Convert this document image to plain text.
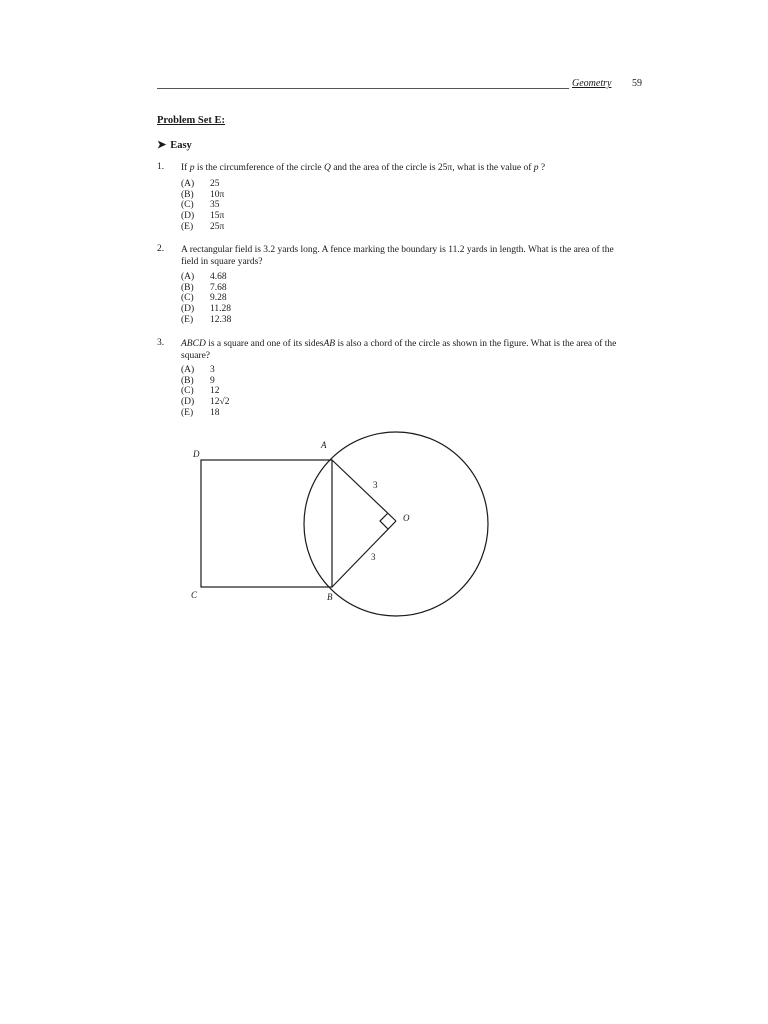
Geometry 59
Problem Set E:
➤ Easy
1. If p is the circumference of the circle Q and the area of the circle is 25π, what is the value of p ?
(A) 25
(B) 10π
(C) 35
(D) 15π
(E) 25π
2. A rectangular field is 3.2 yards long. A fence marking the boundary is 11.2 yards in length. What is the area of the field in square yards?
(A) 4.68
(B) 7.68
(C) 9.28
(D) 11.28
(E) 12.38
3. ABCD is a square and one of its sidesAB is also a chord of the circle as shown in the figure. What is the area of the square?
(A) 3
(B) 9
(C) 12
(D) 12√2
(E) 18
A
D
C	B
O
3
3
